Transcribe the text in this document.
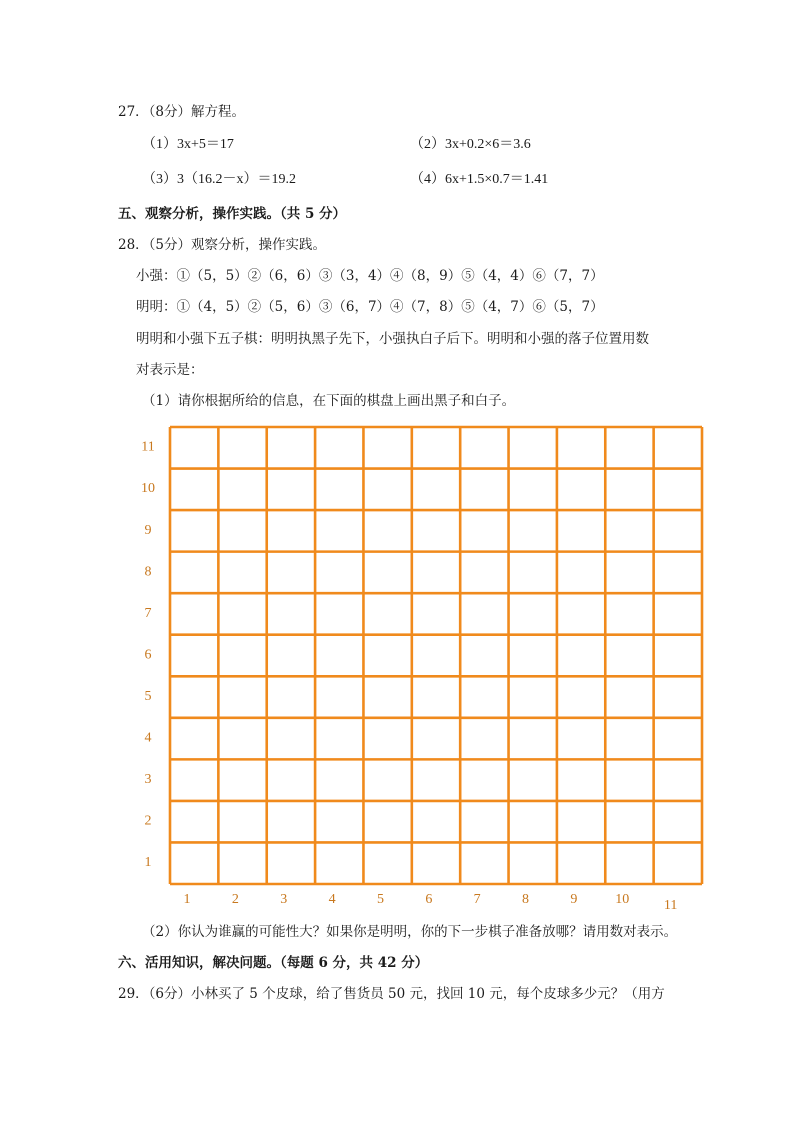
27．（8分）解方程。
（1）3x+5＝17	（2）3x+0.2×6＝3.6
（3）3（16.2－x）＝19.2	（4）6x+1.5×0.7＝1.41
五、观察分析，操作实践。（共 5 分）
28．（5分）观察分析，操作实践。
小强：①（5，5）②（6，6）③（3，4）④（8，9）⑤（4，4）⑥（7，7）
明明：①（4，5）②（5，6）③（6，7）④（7，8）⑤（4，7）⑥（5，7）
明明和小强下五子棋：明明执黑子先下，小强执白子后下。明明和小强的落子位置用数
对表示是：
（1）请你根据所给的信息，在下面的棋盘上画出黑子和白子。
11
10
9
8
7
6
5
4
3
2
1
1	2	3	4	5	6	7	8	9	10 11
（2）你认为谁赢的可能性大？如果你是明明，你的下一步棋子准备放哪？请用数对表示。
六、活用知识，解决问题。（每题 6 分，共 42 分）
29．（6分）小林买了 5 个皮球，给了售货员 50 元，找回 10 元，每个皮球多少元？（用方
